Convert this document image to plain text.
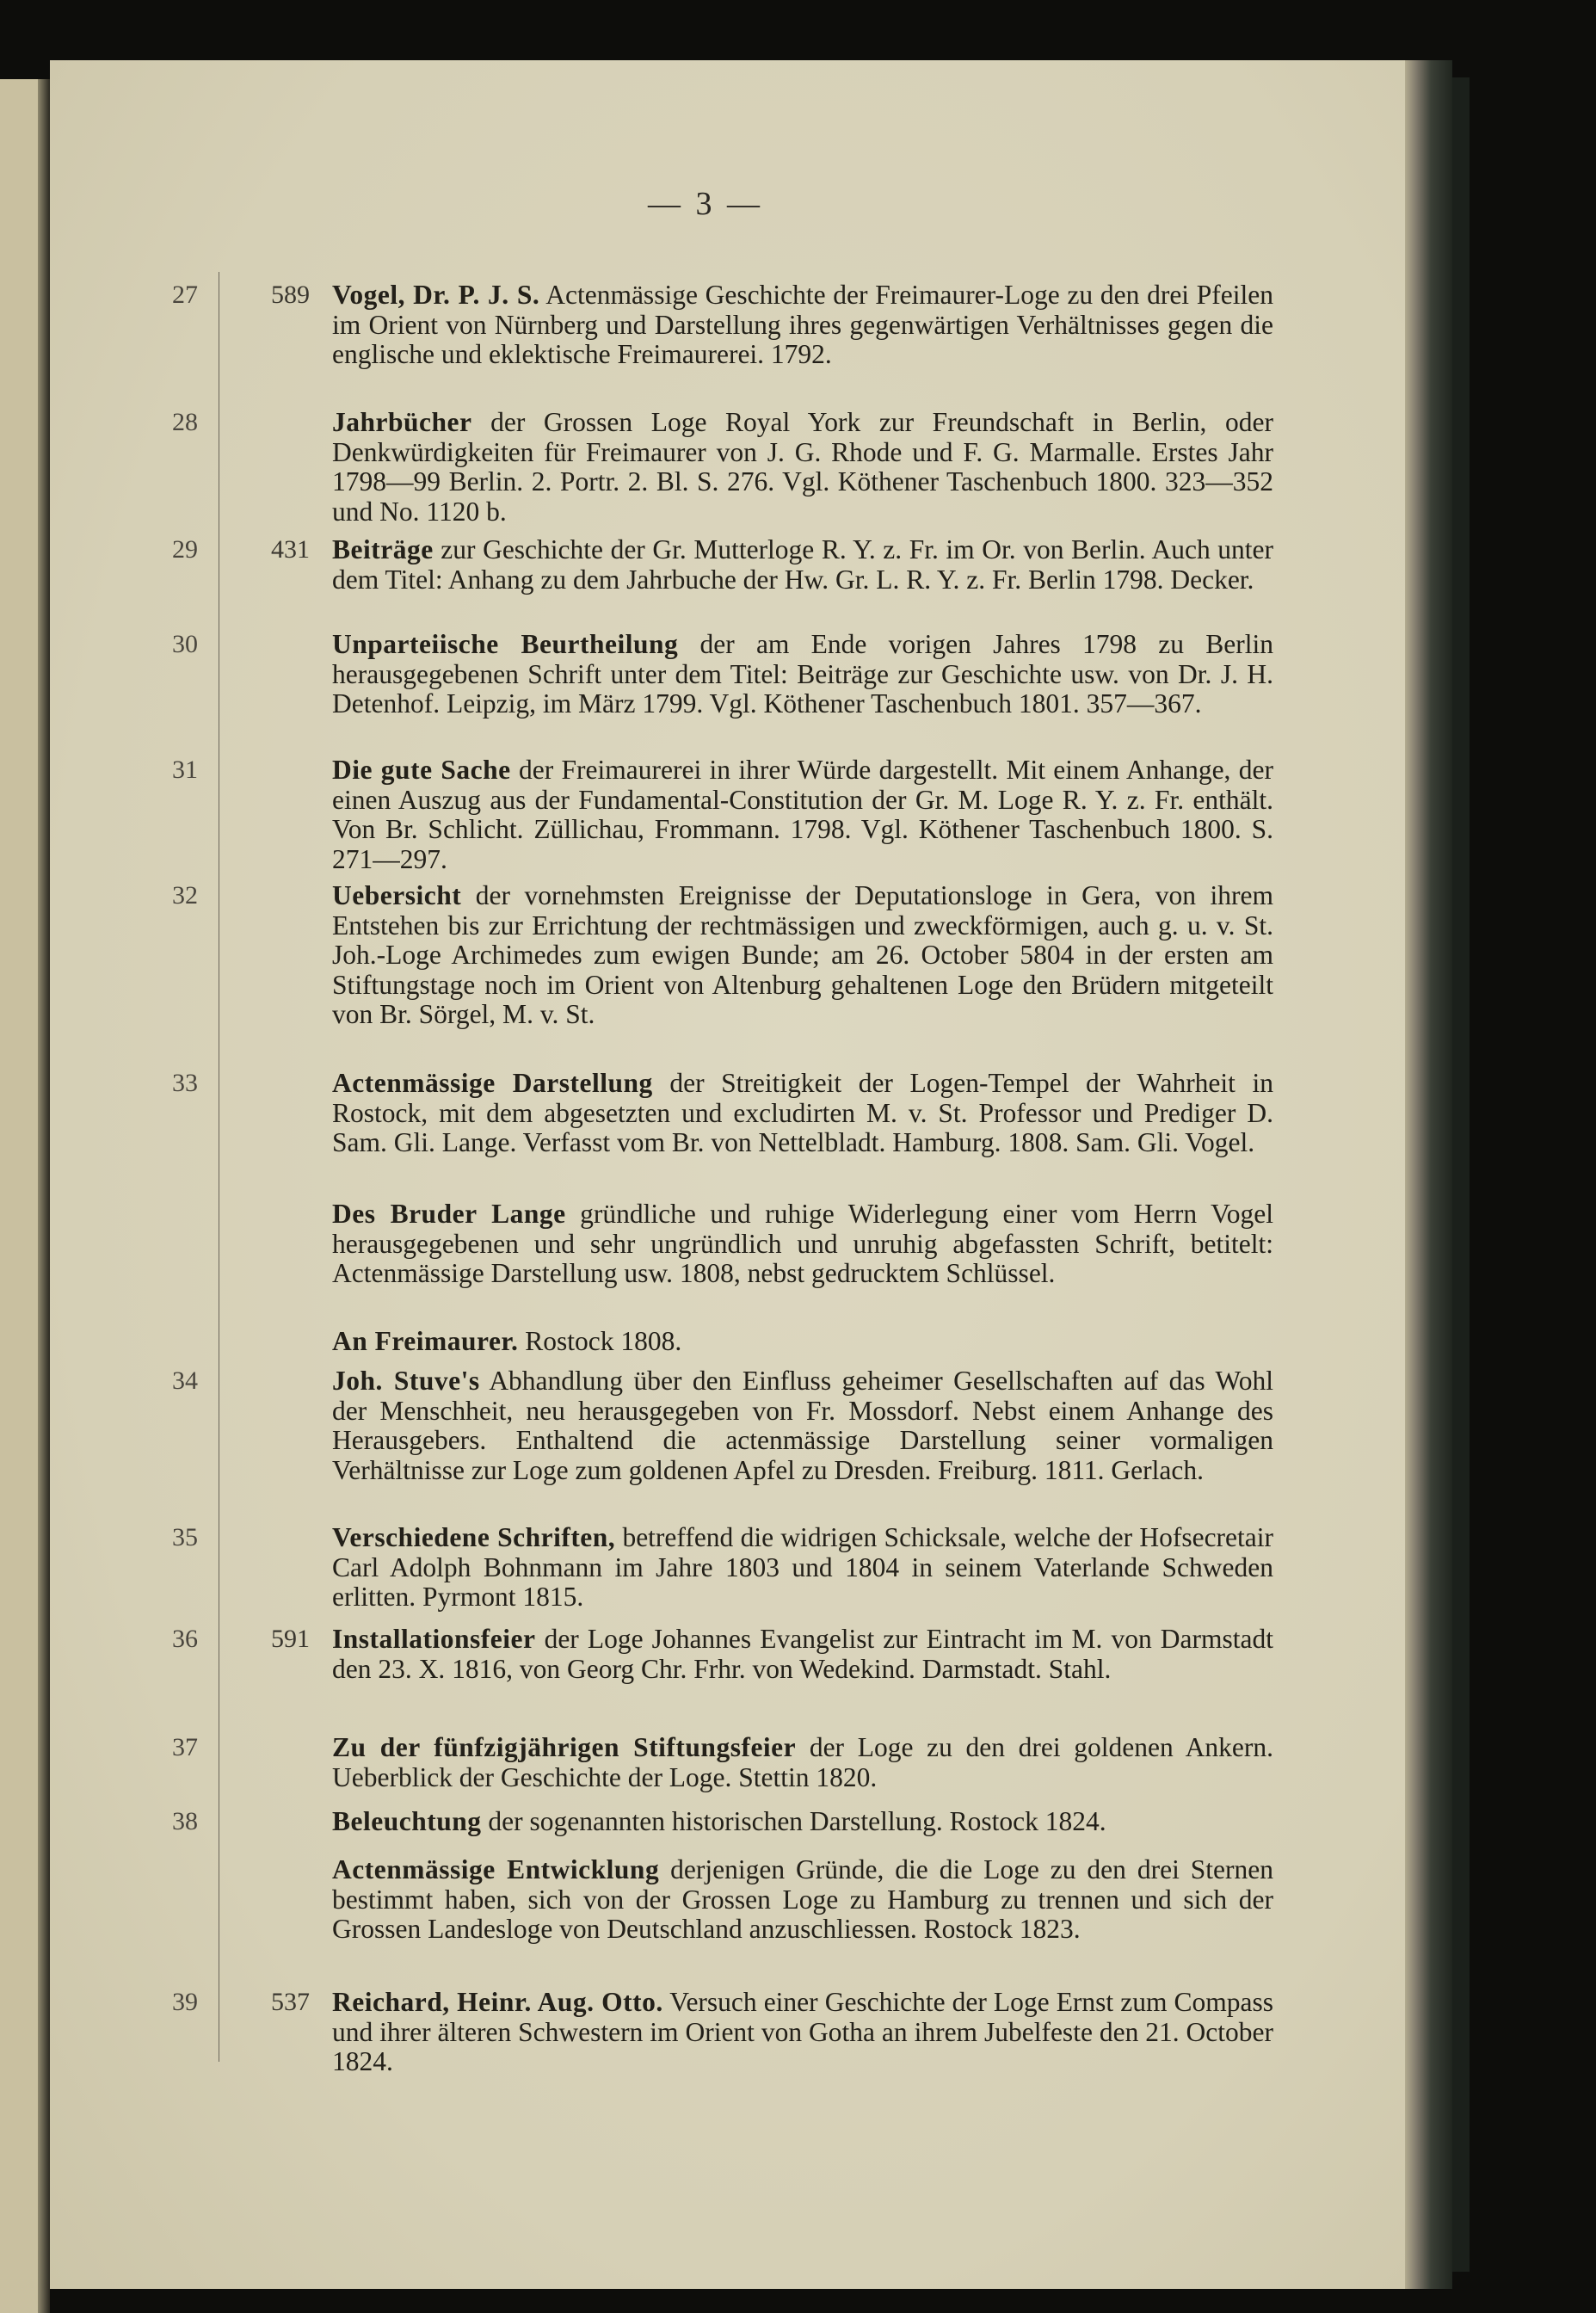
— 3 —
27	589 Vogel, Dr. P. J. S. Actenmässige Geschichte der Freimaurer-Loge zu den drei Pfeilen im Orient von Nürnberg und Darstellung ihres gegenwärtigen Verhältnisses gegen die englische und eklektische Freimaurerei. 1792.
28	Jahrbücher der Grossen Loge Royal York zur Freundschaft in Berlin, oder Denkwürdigkeiten für Freimaurer von J. G. Rhode und F. G. Marmalle. Erstes Jahr 1798—99 Berlin. 2. Portr. 2. Bl. S. 276. Vgl. Köthener Taschenbuch 1800. 323—352 und No. 1120 b.
29	431 Beiträge zur Geschichte der Gr. Mutterloge R. Y. z. Fr. im Or. von Berlin. Auch unter dem Titel: Anhang zu dem Jahrbuche der Hw. Gr. L. R. Y. z. Fr. Berlin 1798. Decker.
30	Unparteiische Beurtheilung der am Ende vorigen Jahres 1798 zu Berlin herausgegebenen Schrift unter dem Titel: Beiträge zur Geschichte usw. von Dr. J. H. Detenhof. Leipzig, im März 1799. Vgl. Köthener Taschenbuch 1801. 357—367.
31	Die gute Sache der Freimaurerei in ihrer Würde dargestellt. Mit einem Anhange, der einen Auszug aus der Fundamental-Constitution der Gr. M. Loge R. Y. z. Fr. enthält. Von Br. Schlicht. Züllichau, Frommann. 1798. Vgl. Köthener Taschenbuch 1800. S. 271—297.
32	Uebersicht der vornehmsten Ereignisse der Deputationsloge in Gera, von ihrem Entstehen bis zur Errichtung der rechtmässigen und zweckförmigen, auch g. u. v. St. Joh.-Loge Archimedes zum ewigen Bunde; am 26. October 5804 in der ersten am Stiftungstage noch im Orient von Altenburg gehaltenen Loge den Brüdern mitgeteilt von Br. Sörgel, M. v. St.
33	Actenmässige Darstellung der Streitigkeit der Logen-Tempel der Wahrheit in Rostock, mit dem abgesetzten und excludirten M. v. St. Professor und Prediger D. Sam. Gli. Lange. Verfasst vom Br. von Nettelbladt. Hamburg. 1808. Sam. Gli. Vogel.
Des Bruder Lange gründliche und ruhige Widerlegung einer vom Herrn Vogel herausgegebenen und sehr ungründlich und unruhig abgefassten Schrift, betitelt: Actenmässige Darstellung usw. 1808, nebst gedrucktem Schlüssel.
An Freimaurer. Rostock 1808.
34	Joh. Stuve's Abhandlung über den Einfluss geheimer Gesellschaften auf das Wohl der Menschheit, neu herausgegeben von Fr. Mossdorf. Nebst einem Anhange des Herausgebers. Enthaltend die actenmässige Darstellung seiner vormaligen Verhältnisse zur Loge zum goldenen Apfel zu Dresden. Freiburg. 1811. Gerlach.
35	Verschiedene Schriften, betreffend die widrigen Schicksale, welche der Hofsecretair Carl Adolph Bohnmann im Jahre 1803 und 1804 in seinem Vaterlande Schweden erlitten. Pyrmont 1815.
36	591 Installationsfeier der Loge Johannes Evangelist zur Eintracht im M. von Darmstadt den 23. X. 1816, von Georg Chr. Frhr. von Wedekind. Darmstadt. Stahl.
37	Zu der fünfzigjährigen Stiftungsfeier der Loge zu den drei goldenen Ankern. Ueberblick der Geschichte der Loge. Stettin 1820.
38	Beleuchtung der sogenannten historischen Darstellung. Rostock 1824.
Actenmässige Entwicklung derjenigen Gründe, die die Loge zu den drei Sternen bestimmt haben, sich von der Grossen Loge zu Hamburg zu trennen und sich der Grossen Landesloge von Deutschland anzuschliessen. Rostock 1823.
39	537 Reichard, Heinr. Aug. Otto. Versuch einer Geschichte der Loge Ernst zum Compass und ihrer älteren Schwestern im Orient von Gotha an ihrem Jubelfeste den 21. October 1824.
